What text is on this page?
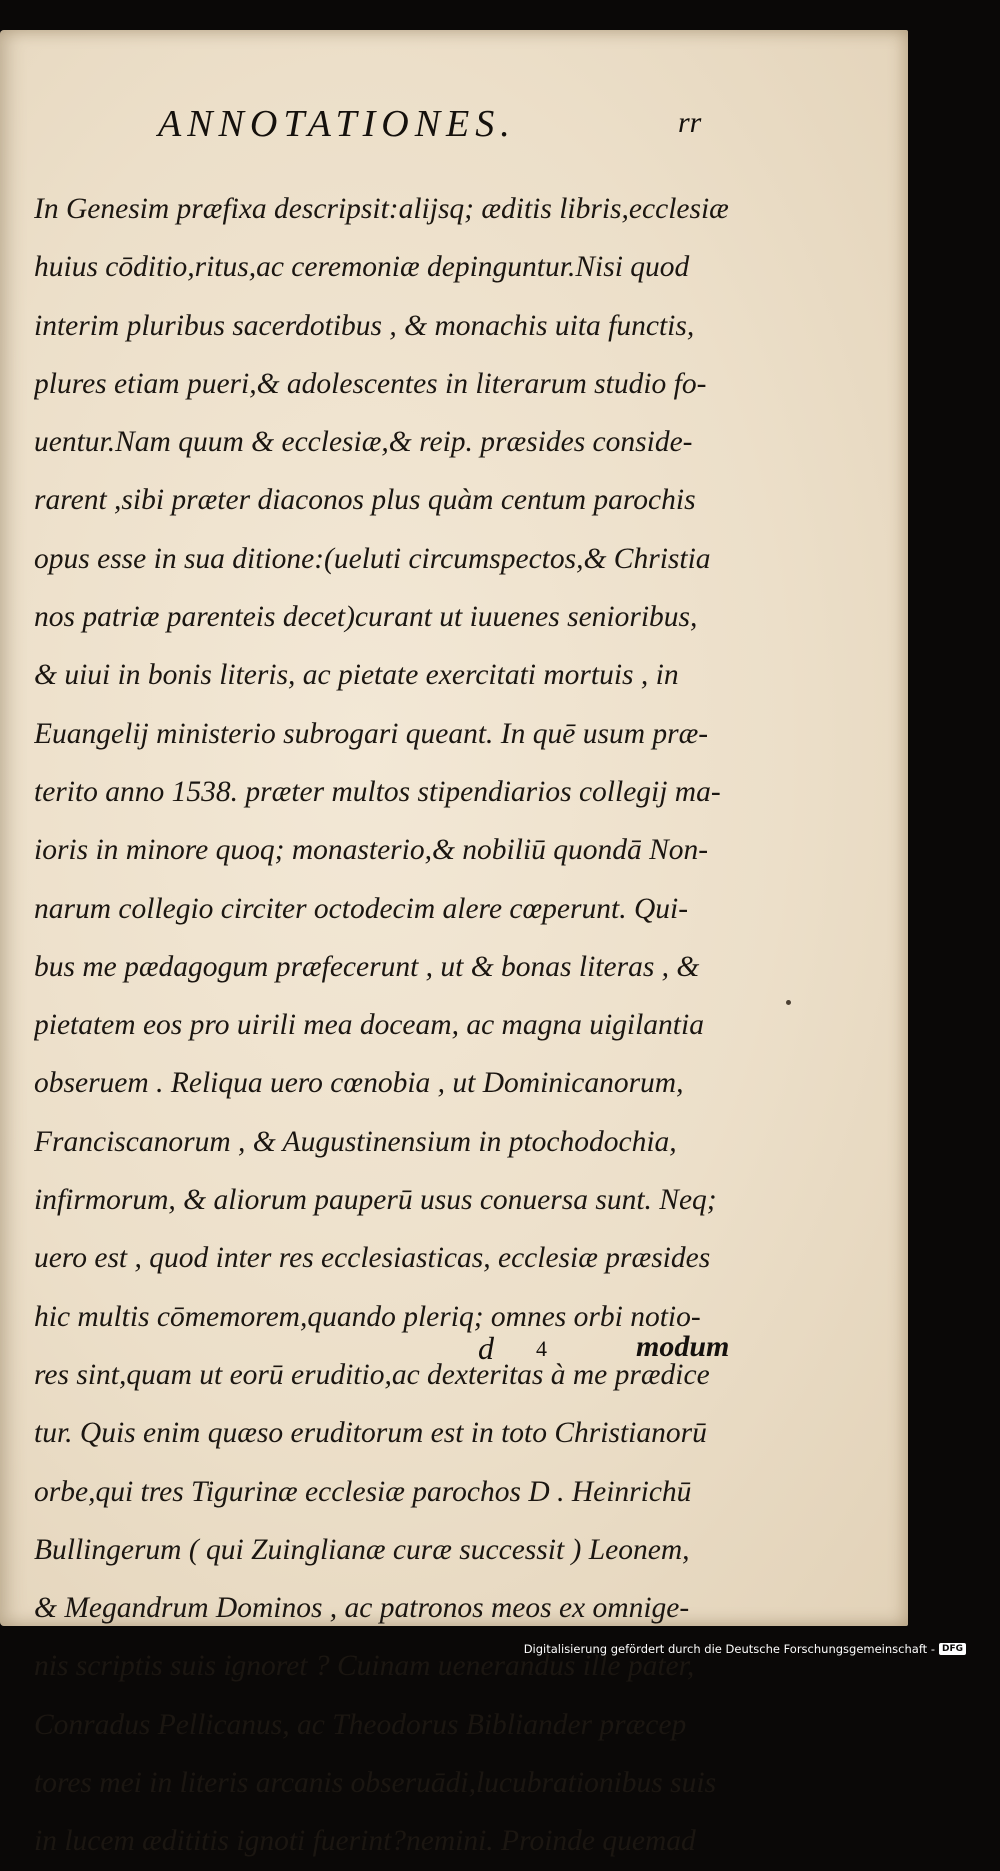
ANNOTATIONES.	rr
In Genesim præfixa descripsit:alijsq; æditis libris,ecclesiæ
huius cōditio,ritus,ac ceremoniæ depinguntur.Nisi quod
interim pluribus sacerdotibus , & monachis uita functis,
plures etiam pueri,& adolescentes in literarum studio fo-
uentur.Nam quum & ecclesiæ,& reip. præsides conside-
rarent ,sibi præter diaconos plus quàm centum parochis
opus esse in sua ditione:(ueluti circumspectos,& Christia
nos patriæ parenteis decet)curant ut iuuenes senioribus,
& uiui in bonis literis, ac pietate exercitati mortuis , in
Euangelij ministerio subrogari queant. In quē usum præ-
terito anno 1538. præter multos stipendiarios collegij ma-
ioris in minore quoq; monasterio,& nobiliū quondā Non-
narum collegio circiter octodecim alere cœperunt. Qui-
bus me pædagogum præfecerunt , ut & bonas literas , &
pietatem eos pro uirili mea doceam, ac magna uigilantia
obseruem . Reliqua uero cœnobia , ut Dominicanorum,
Franciscanorum , & Augustinensium in ptochodochia,
infirmorum, & aliorum pauperū usus conuersa sunt. Neq;
uero est , quod inter res ecclesiasticas, ecclesiæ præsides
hic multis cōmemorem,quando pleriq; omnes orbi notio-
res sint,quam ut eorū eruditio,ac dexteritas à me prædice
tur. Quis enim quæso eruditorum est in toto Christianorū
orbe,qui tres Tigurinæ ecclesiæ parochos D . Heinrichū
Bullingerum ( qui Zuinglianæ curæ successit ) Leonem,
& Megandrum Dominos , ac patronos meos ex omnige-
nis scriptis suis ignoret ? Cuinam uenerandus ille pater,
Conradus Pellicanus, ac Theodorus Bibliander præcep
tores mei in literis arcanis obseruādi,lucubrationibus suis
in lucem ædititis ignoti fuerint?nemini. Proinde quemad
d 4	modum
Digitalisierung gefördert durch die Deutsche Forschungsgemeinschaft - DFG
